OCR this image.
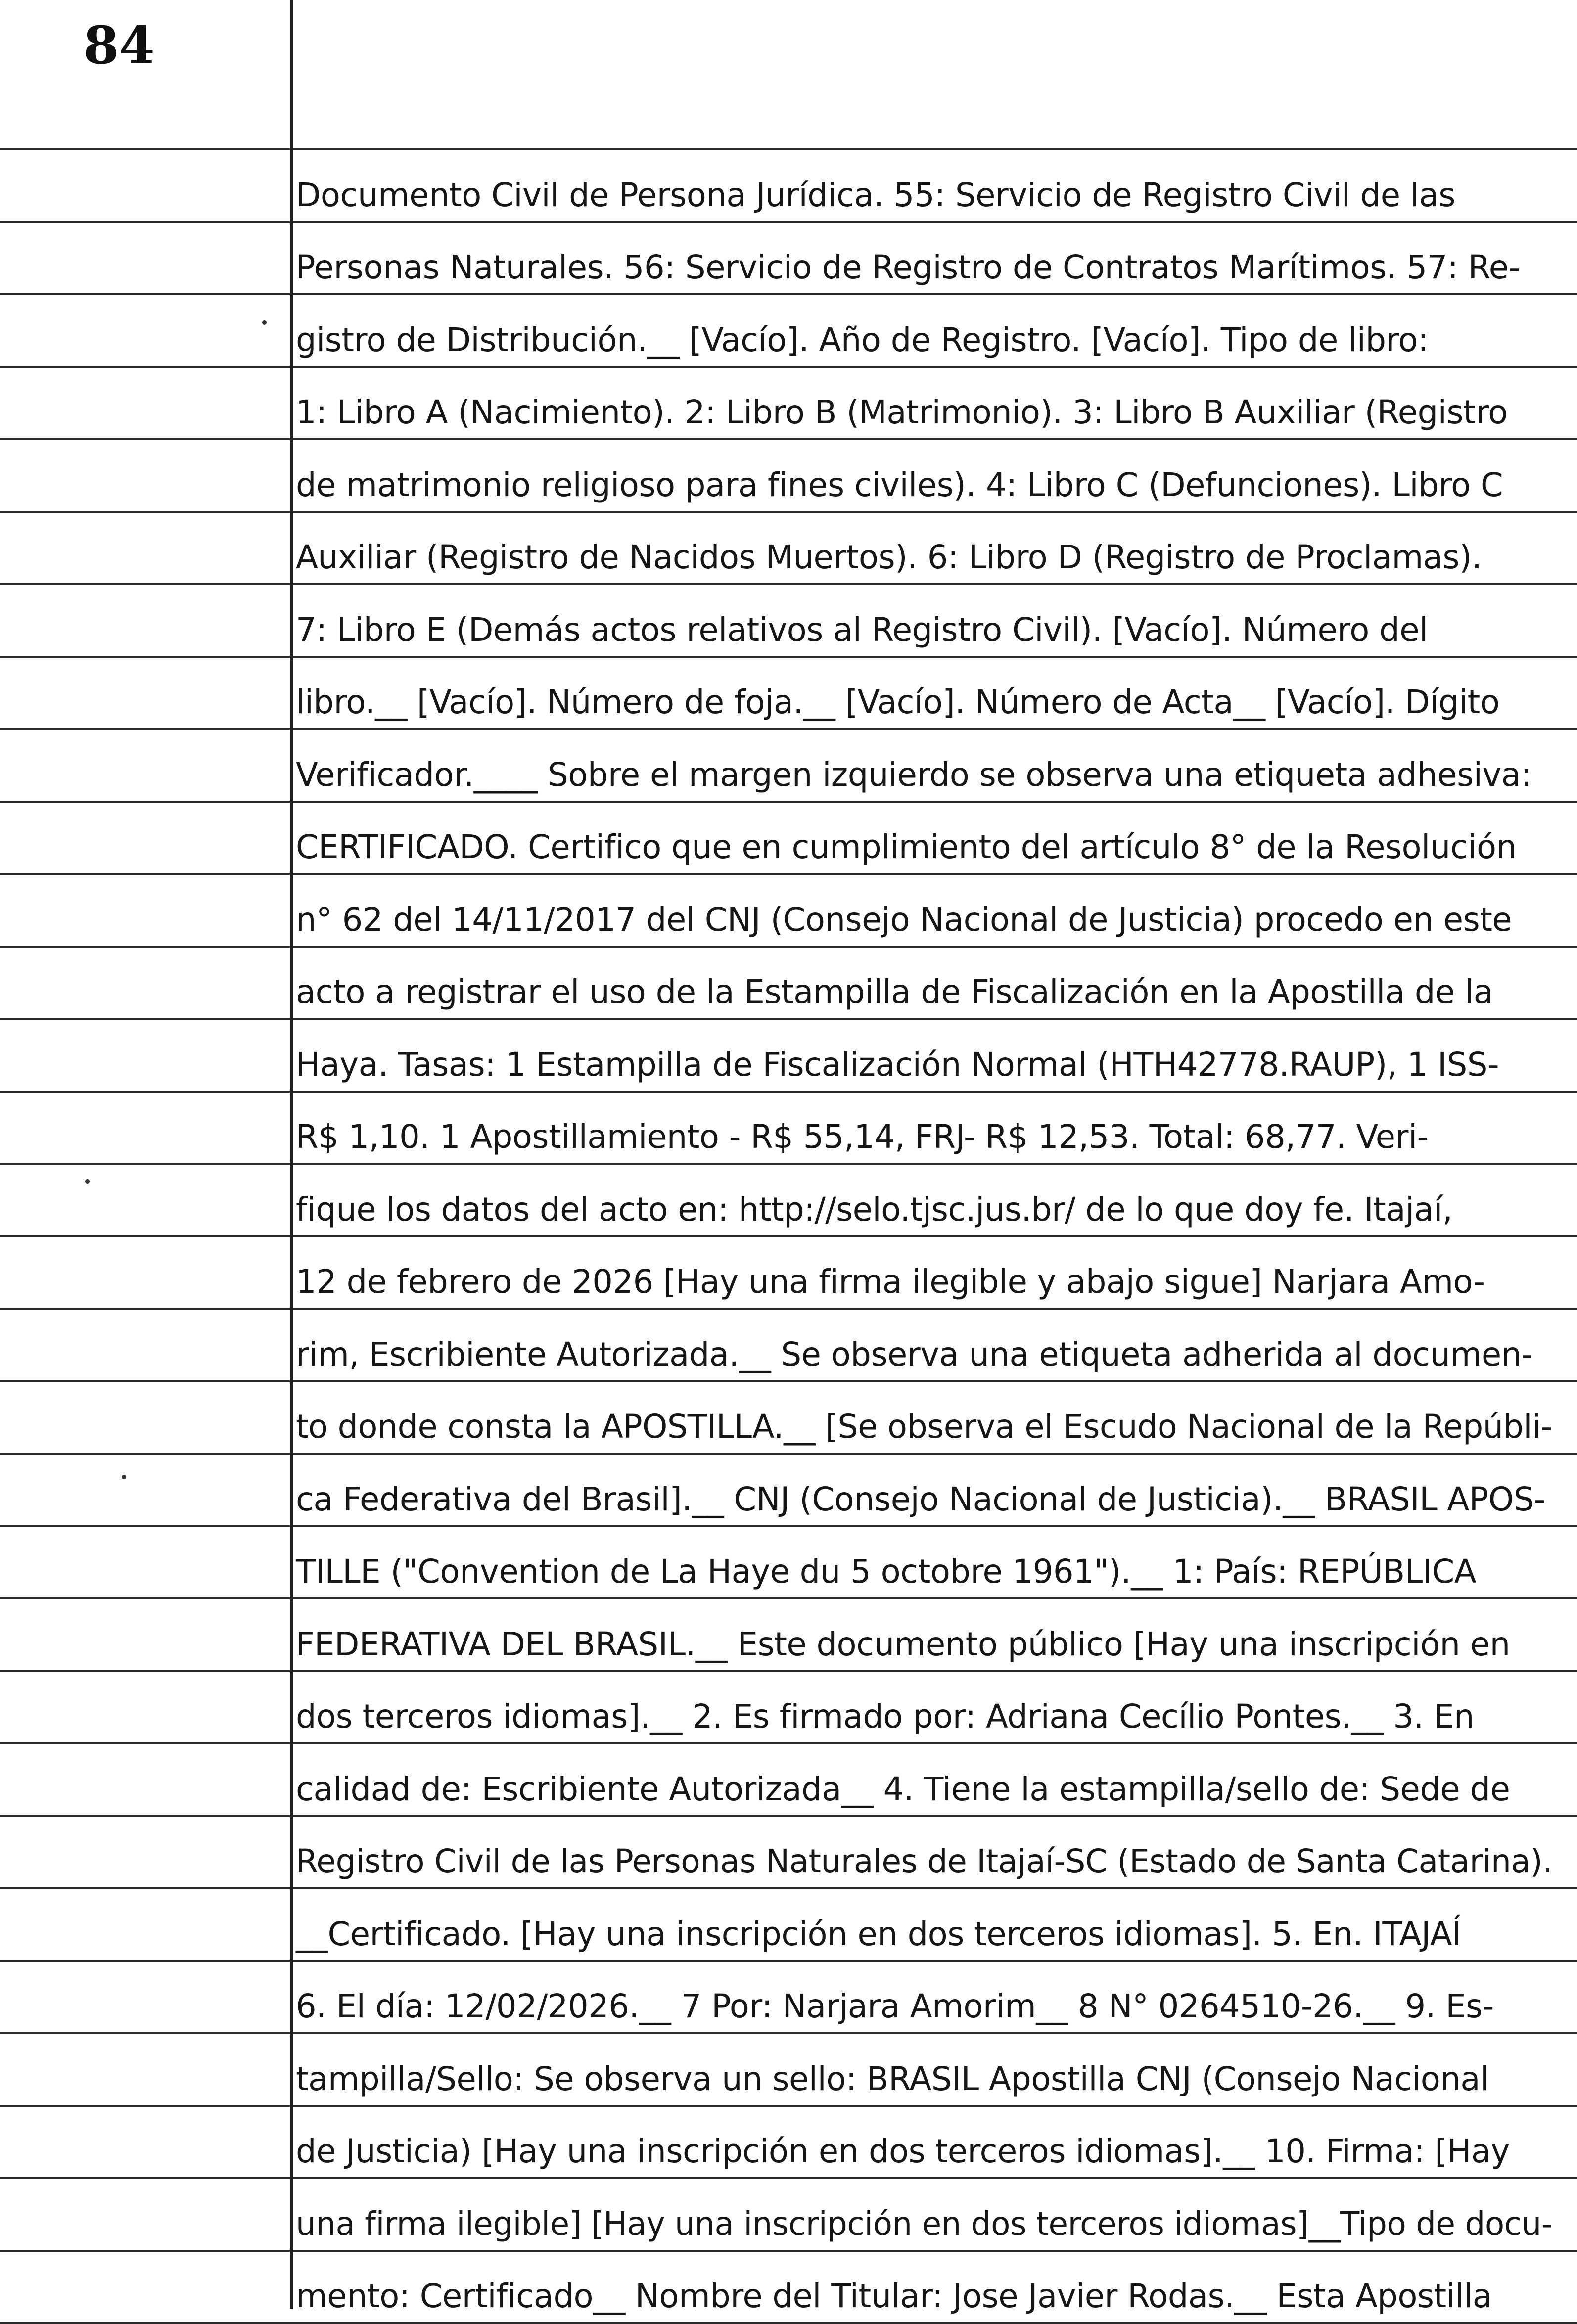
84
Documento Civil de Persona Jurídica. 55: Servicio de Registro Civil de las
Personas Naturales. 56: Servicio de Registro de Contratos Marítimos. 57: Re-
gistro de Distribución.__ [Vacío]. Año de Registro. [Vacío]. Tipo de libro:
1: Libro A (Nacimiento). 2: Libro B (Matrimonio). 3: Libro B Auxiliar (Registro
de matrimonio religioso para fines civiles). 4: Libro C (Defunciones). Libro C
Auxiliar (Registro de Nacidos Muertos). 6: Libro D (Registro de Proclamas).
7: Libro E (Demás actos relativos al Registro Civil). [Vacío]. Número del
libro.__ [Vacío]. Número de foja.__ [Vacío]. Número de Acta__ [Vacío]. Dígito
Verificador.____ Sobre el margen izquierdo se observa una etiqueta adhesiva:
CERTIFICADO. Certifico que en cumplimiento del artículo 8° de la Resolución
n° 62 del 14/11/2017 del CNJ (Consejo Nacional de Justicia) procedo en este
acto a registrar el uso de la Estampilla de Fiscalización en la Apostilla de la
Haya. Tasas: 1 Estampilla de Fiscalización Normal (HTH42778.RAUP), 1 ISS-
R$ 1,10. 1 Apostillamiento - R$ 55,14, FRJ- R$ 12,53. Total: 68,77. Veri-
fique los datos del acto en: http://selo.tjsc.jus.br/ de lo que doy fe. Itajaí,
12 de febrero de 2026 [Hay una firma ilegible y abajo sigue] Narjara Amo-
rim, Escribiente Autorizada.__ Se observa una etiqueta adherida al documen-
to donde consta la APOSTILLA.__ [Se observa el Escudo Nacional de la Repúbli-
ca Federativa del Brasil].__ CNJ (Consejo Nacional de Justicia).__ BRASIL APOS-
TILLE ("Convention de La Haye du 5 octobre 1961").__ 1: País: REPÚBLICA
FEDERATIVA DEL BRASIL.__ Este documento público [Hay una inscripción en
dos terceros idiomas].__ 2. Es firmado por: Adriana Cecílio Pontes.__ 3. En
calidad de: Escribiente Autorizada__ 4. Tiene la estampilla/sello de: Sede de
Registro Civil de las Personas Naturales de Itajaí-SC (Estado de Santa Catarina).
__Certificado. [Hay una inscripción en dos terceros idiomas]. 5. En. ITAJAÍ
6. El día: 12/02/2026.__ 7 Por: Narjara Amorim__ 8 N° 0264510-26.__ 9. Es-
tampilla/Sello: Se observa un sello: BRASIL Apostilla CNJ (Consejo Nacional
de Justicia) [Hay una inscripción en dos terceros idiomas].__ 10. Firma: [Hay
una firma ilegible] [Hay una inscripción en dos terceros idiomas]__Tipo de docu-
mento: Certificado__ Nombre del Titular: Jose Javier Rodas.__ Esta Apostilla
